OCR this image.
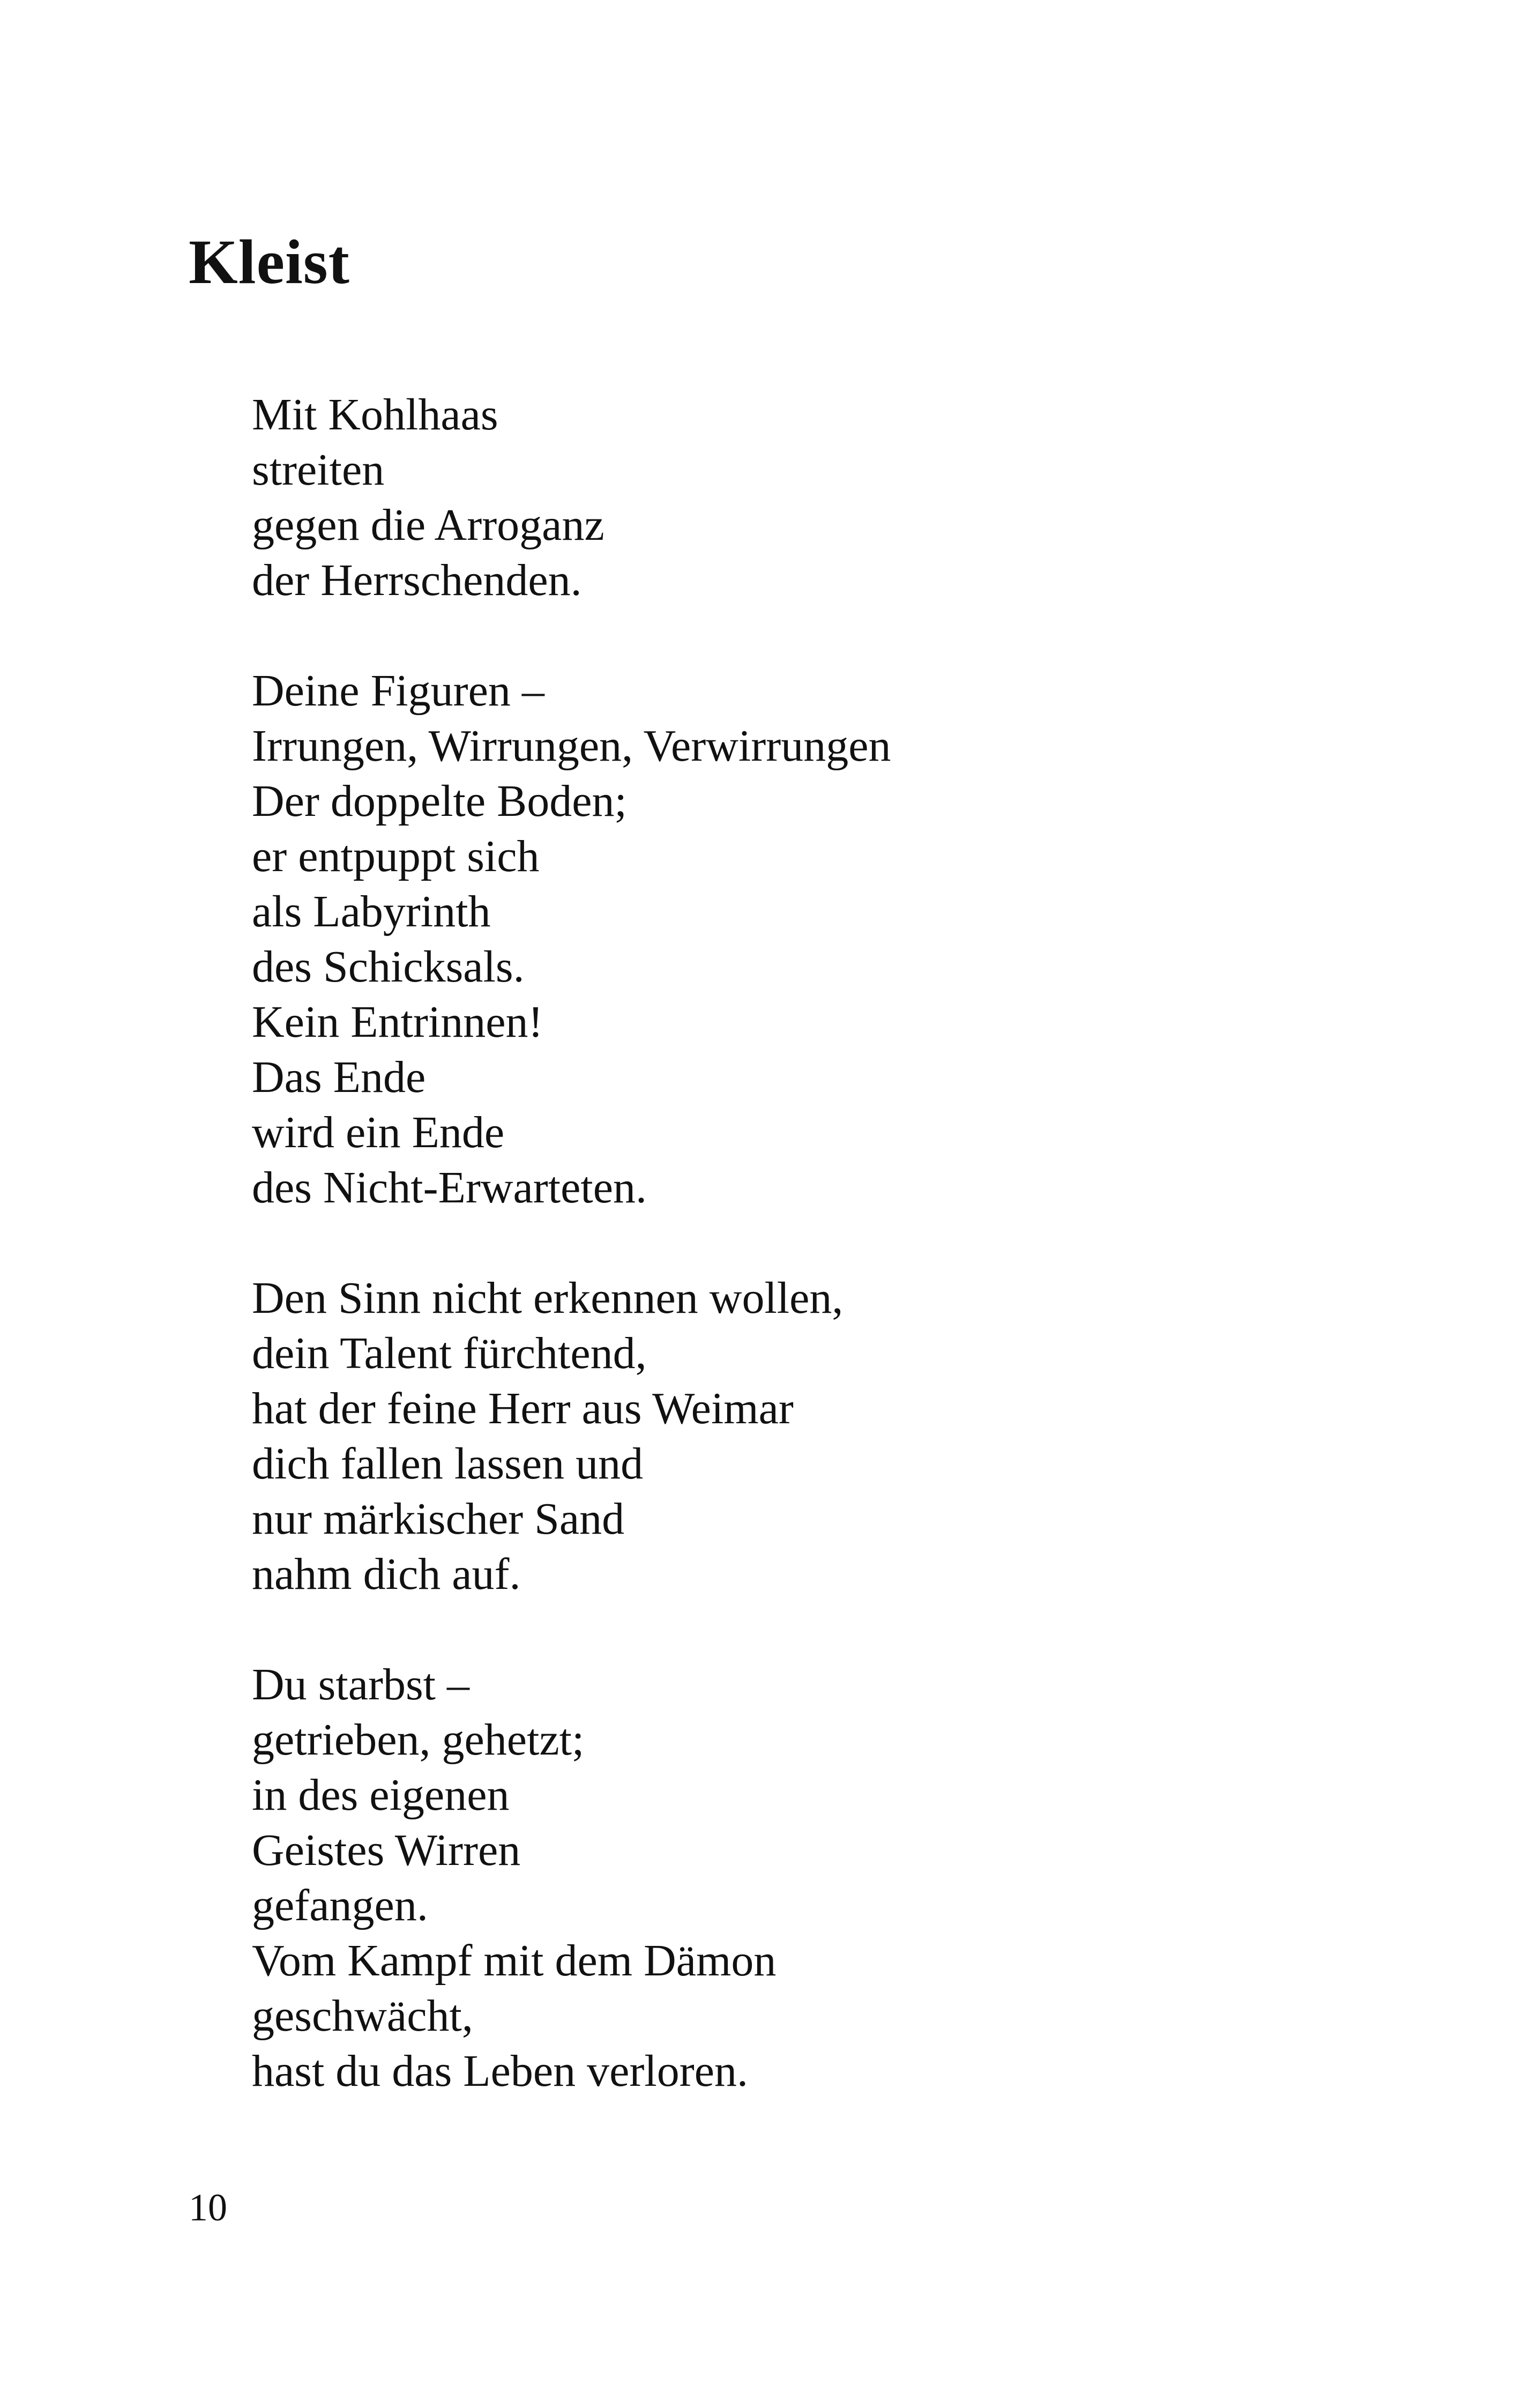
Kleist
Mit Kohlhaas
streiten
gegen die Arroganz
der Herrschenden.
Deine Figuren –
Irrungen, Wirrungen, Verwirrungen
Der doppelte Boden;
er entpuppt sich
als Labyrinth
des Schicksals.
Kein Entrinnen!
Das Ende
wird ein Ende
des Nicht-Erwarteten.
Den Sinn nicht erkennen wollen,
dein Talent fürchtend,
hat der feine Herr aus Weimar
dich fallen lassen und
nur märkischer Sand
nahm dich auf.
Du starbst –
getrieben, gehetzt;
in des eigenen
Geistes Wirren
gefangen.
Vom Kampf mit dem Dämon
geschwächt,
hast du das Leben verloren.
10
